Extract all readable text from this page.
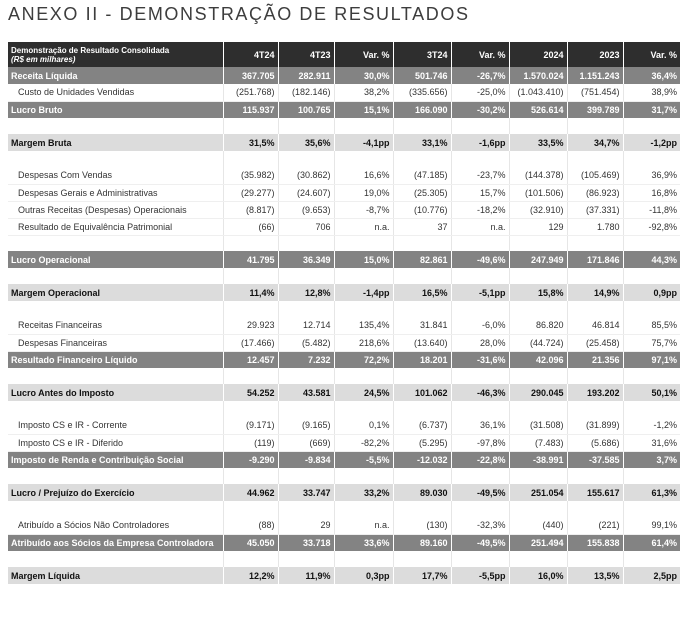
ANEXO II - DEMONSTRAÇÃO DE RESULTADOS
Demonstração de Resultado Consolidada
(R$ em milhares)	4T24	4T23	Var. %	3T24	Var. %	2024	2023	Var. %
Receita Líquida	367.705	282.911	30,0%	501.746	-26,7%	1.570.024	1.151.243	36,4%
Custo de Unidades Vendidas	(251.768)	(182.146)	38,2%	(335.656)	-25,0%	(1.043.410)	(751.454)	38,9%
Lucro Bruto	115.937	100.765	15,1%	166.090	-30,2%	526.614	399.789	31,7%

Margem Bruta	31,5%	35,6%	-4,1pp	33,1%	-1,6pp	33,5%	34,7%	-1,2pp

Despesas Com Vendas	(35.982)	(30.862)	16,6%	(47.185)	-23,7%	(144.378)	(105.469)	36,9%
Despesas Gerais e Administrativas	(29.277)	(24.607)	19,0%	(25.305)	15,7%	(101.506)	(86.923)	16,8%
Outras Receitas (Despesas) Operacionais	(8.817)	(9.653)	-8,7%	(10.776)	-18,2%	(32.910)	(37.331)	-11,8%
Resultado de Equivalência Patrimonial	(66)	706	n.a.	37	n.a.	129	1.780	-92,8%

Lucro Operacional	41.795	36.349	15,0%	82.861	-49,6%	247.949	171.846	44,3%

Margem Operacional	11,4%	12,8%	-1,4pp	16,5%	-5,1pp	15,8%	14,9%	0,9pp

Receitas Financeiras	29.923	12.714	135,4%	31.841	-6,0%	86.820	46.814	85,5%
Despesas Financeiras	(17.466)	(5.482)	218,6%	(13.640)	28,0%	(44.724)	(25.458)	75,7%
Resultado Financeiro Líquido	12.457	7.232	72,2%	18.201	-31,6%	42.096	21.356	97,1%

Lucro Antes do Imposto	54.252	43.581	24,5%	101.062	-46,3%	290.045	193.202	50,1%

Imposto CS e IR - Corrente	(9.171)	(9.165)	0,1%	(6.737)	36,1%	(31.508)	(31.899)	-1,2%
Imposto CS e IR - Diferido	(119)	(669)	-82,2%	(5.295)	-97,8%	(7.483)	(5.686)	31,6%
Imposto de Renda e Contribuição Social	-9.290	-9.834	-5,5%	-12.032	-22,8%	-38.991	-37.585	3,7%

Lucro / Prejuízo do Exercício	44.962	33.747	33,2%	89.030	-49,5%	251.054	155.617	61,3%

Atribuído a Sócios Não Controladores	(88)	29	n.a.	(130)	-32,3%	(440)	(221)	99,1%
Atribuído aos Sócios da Empresa Controladora	45.050	33.718	33,6%	89.160	-49,5%	251.494	155.838	61,4%

Margem Líquida	12,2%	11,9%	0,3pp	17,7%	-5,5pp	16,0%	13,5%	2,5pp
